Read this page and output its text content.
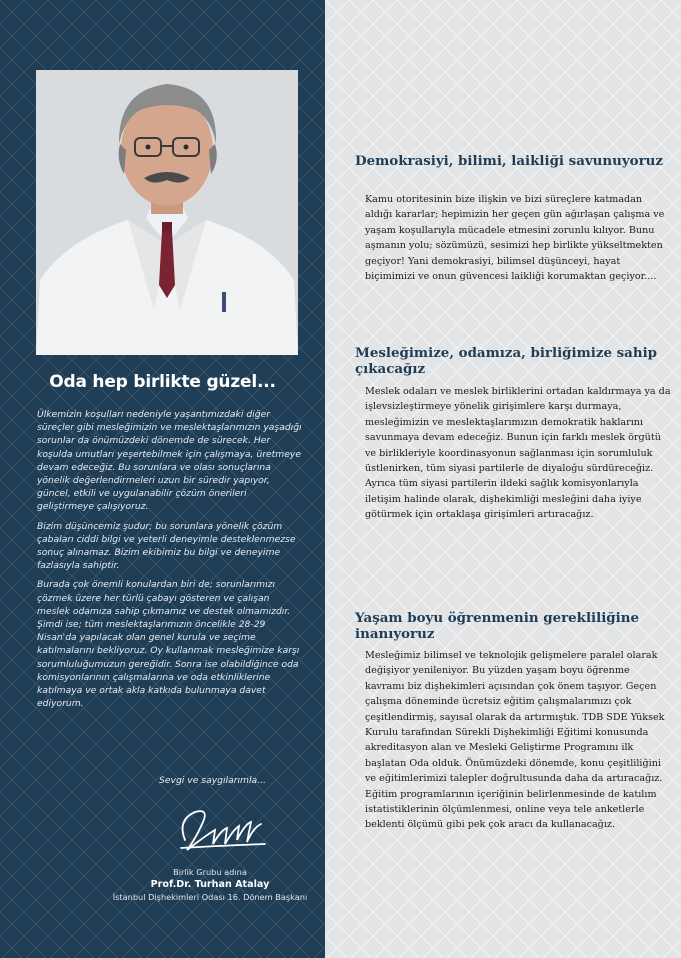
Oda hep birlikte güzel...

Ülkemizin koşulları nedeniyle yaşantımızdaki diğer süreçler gibi mesleğimizin ve meslektaşlarımızın yaşadığı sorunlar da önümüzdeki dönemde de sürecek. Her koşulda umutları yeşertebilmek için çalışmaya, üretmeye devam edeceğiz. Bu sorunlara ve olası sonuçlarına yönelik değerlendirmeleri uzun bir süredir yapıyor, güncel, etkili ve uygulanabilir çözüm önerileri geliştirmeye çalışıyoruz.

Bizim düşüncemiz şudur; bu sorunlara yönelik çözüm çabaları ciddi bilgi ve yeterli deneyimle desteklenmezse sonuç alınamaz. Bizim ekibimiz bu bilgi ve deneyime fazlasıyla sahiptir.

Burada çok önemli konulardan biri de; sorunlarımızı çözmek üzere her türlü çabayı gösteren ve çalışan meslek odamıza sahip çıkmamız ve destek olmamızdır. Şimdi ise; tüm meslektaşlarımızın öncelikle 28-29 Nisan'da yapılacak olan genel kurula ve seçime katılmalarını bekliyoruz. Oy kullanmak mesleğimize karşı sorumluluğumuzun gereğidir. Sonra ise olabildiğince oda komisyonlarının çalışmalarına ve oda etkinliklerine katılmaya ve ortak akla katkıda bulunmaya davet ediyorum.

Sevgi ve saygılarımla...
Birlik Grubu adına
Prof.Dr. Turhan Atalay
İstanbul Dişhekimleri Odası 16. Dönem Başkanı
Demokrasiyi, bilimi, laikliği savunuyoruz
Kamu otoritesinin bize ilişkin ve bizi süreçlere katmadan aldığı kararlar; hepimizin her geçen gün ağırlaşan çalışma ve yaşam koşullarıyla mücadele etmesini zorunlu kılıyor. Bunu aşmanın yolu; sözümüzü, sesimizi hep birlikte yükseltmekten geçiyor! Yani demokrasiyi, bilimsel düşünceyi, hayat biçimimizi ve onun güvencesi laikliği korumaktan geçiyor....
Mesleğimize, odamıza, birliğimize sahip çıkacağız
Meslek odaları ve meslek birliklerini ortadan kaldırmaya ya da işlevsizleştirmeye yönelik girişimlere karşı durmaya, mesleğimizin ve meslektaşlarımızın demokratik haklarını savunmaya devam edeceğiz. Bunun için farklı meslek örgütü ve birlikleriyle koordinasyonun sağlanması için sorumluluk üstlenirken, tüm siyasi partilerle de diyaloğu sürdüreceğiz. Ayrıca tüm siyasi partilerin ildeki sağlık komisyonlarıyla iletişim halinde olarak, dişhekimliği mesleğini daha iyiye götürmek için ortaklaşa girişimleri artıracağız.
Yaşam boyu öğrenmenin gerekliliğine inanıyoruz
Mesleğimiz bilimsel ve teknolojik gelişmelere paralel olarak değişiyor yenileniyor. Bu yüzden yaşam boyu öğrenme kavramı biz dişhekimleri açısından çok önem taşıyor. Geçen çalışma döneminde ücretsiz eğitim çalışmalarımızı çok çeşitlendirmiş, sayısal olarak da artırmıştık. TDB SDE Yüksek Kurulu tarafından Sürekli Dişhekimliği Eğitimi konusunda akreditasyon alan ve Mesleki Geliştirme Programını ilk başlatan Oda olduk. Önümüzdeki dönemde, konu çeşitliliğini ve eğitimlerimizi talepler doğrultusunda daha da artıracağız. Eğitim programlarının içeriğinin belirlenmesinde de katılım istatistiklerinin ölçümlenmesi, online veya tele anketlerle beklenti ölçümü gibi pek çok aracı da kullanacağız.
